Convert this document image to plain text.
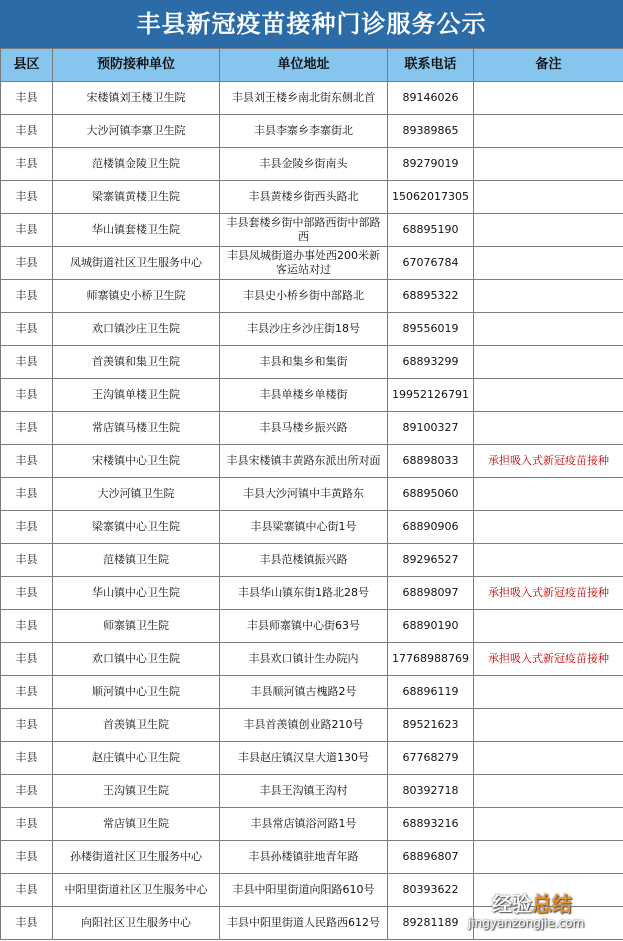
丰县新冠疫苗接种门诊服务公示
县区	预防接种单位	单位地址	联系电话	备注
丰县	宋楼镇刘王楼卫生院	丰县刘王楼乡南北街东侧北首	89146026	
丰县	大沙河镇李寨卫生院	丰县李寨乡李寨街北	89389865	
丰县	范楼镇金陵卫生院	丰县金陵乡街南头	89279019	
丰县	梁寨镇黄楼卫生院	丰县黄楼乡街西头路北	15062017305	
丰县	华山镇套楼卫生院	丰县套楼乡街中部路西街中部路西	68895190	
丰县	凤城街道社区卫生服务中心	丰县凤城街道办事处西200米新客运站对过	67076784	
丰县	师寨镇史小桥卫生院	丰县史小桥乡街中部路北	68895322	
丰县	欢口镇沙庄卫生院	丰县沙庄乡沙庄街18号	89556019	
丰县	首羡镇和集卫生院	丰县和集乡和集街	68893299	
丰县	王沟镇单楼卫生院	丰县单楼乡单楼街	19952126791	
丰县	常店镇马楼卫生院	丰县马楼乡振兴路	89100327	
丰县	宋楼镇中心卫生院	丰县宋楼镇丰黄路东派出所对面	68898033	承担吸入式新冠疫苗接种
丰县	大沙河镇卫生院	丰县大沙河镇中丰黄路东	68895060	
丰县	梁寨镇中心卫生院	丰县梁寨镇中心街1号	68890906	
丰县	范楼镇卫生院	丰县范楼镇振兴路	89296527	
丰县	华山镇中心卫生院	丰县华山镇东街1路北28号	68898097	承担吸入式新冠疫苗接种
丰县	师寨镇卫生院	丰县师寨镇中心街63号	68890190	
丰县	欢口镇中心卫生院	丰县欢口镇计生办院内	17768988769	承担吸入式新冠疫苗接种
丰县	顺河镇中心卫生院	丰县顺河镇古槐路2号	68896119	
丰县	首羡镇卫生院	丰县首羡镇创业路210号	89521623	
丰县	赵庄镇中心卫生院	丰县赵庄镇汉皇大道130号	67768279	
丰县	王沟镇卫生院	丰县王沟镇王沟村	80392718	
丰县	常店镇卫生院	丰县常店镇浴河路1号	68893216	
丰县	孙楼街道社区卫生服务中心	丰县孙楼镇驻地青年路	68896807	
丰县	中阳里街道社区卫生服务中心	丰县中阳里街道向阳路610号	80393622	
丰县	向阳社区卫生服务中心	丰县中阳里街道人民路西612号	89281189	
经验总结
jingyanzongjie.com
